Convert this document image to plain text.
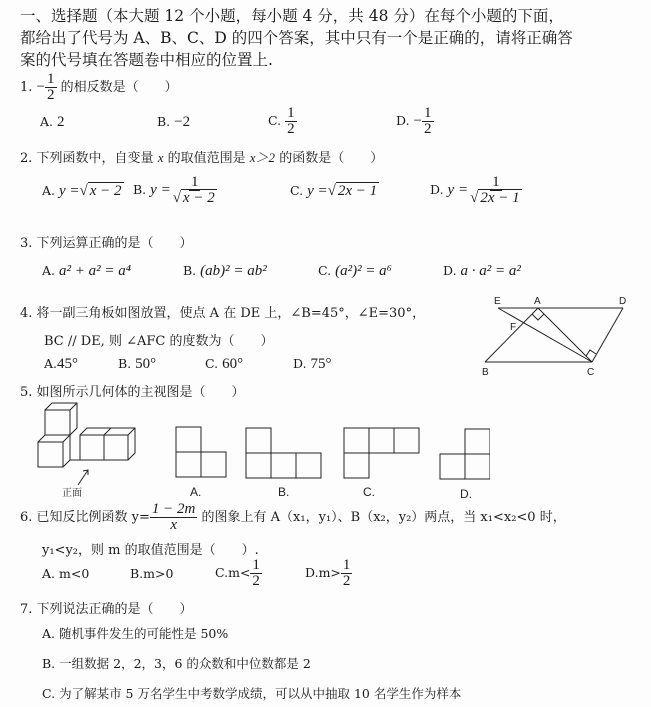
一、选择题（本大题 12 个小题，每小题 4 分，共 48 分）在每个小题的下面，
都给出了代号为 A、B、C、D 的四个答案，其中只有一个是正确的，请将正确答
案的代号填在答题卷中相应的位置上.
1. − $\frac{1}{2}$ 的相反数是（　　）
A. 2	B. −2	C. $\frac{1}{2}$	D. − $\frac{1}{2}$
2. 下列函数中，自变量 x 的取值范围是 x＞2 的函数是（　　）
A. y =√ x − 2 B. $y = \frac{1}{√ x - 2}$	C. y =√ 2x − 1	D. $y = \frac{1}{√ 2x - 1}$
3. 下列运算正确的是（　　）
A. a² + a² = a⁴	B. (ab)² = ab²	C. (a²)² = a⁶	D. a · a² = a²
4. 将一副三角板如图放置，使点 A 在 DE 上，∠B=45°，∠E=30°，
BC // DE, 则 ∠AFC 的度数为（　　）
A.45°	B. 50°	C. 60°	D. 75°
E	A	D
F
B	C
5. 如图所示几何体的主视图是（　　）
正面	A.	B.	C.	D.
6. 已知反比例函数 $y= \frac{1 - 2m}{x}$ 的图象上有 A（x₁，y₁）、B（x₂，y₂）两点，当 x₁<x₂<0 时，
y₁<y₂，则 m 的取值范围是（　　）.
A. m<0	B.m>0	$C.m< \frac{1}{2}$	$D.m> \frac{1}{2}$
7. 下列说法正确的是（　　）
A. 随机事件发生的可能性是 50%
B. 一组数据 2，2，3，6 的众数和中位数都是 2
C. 为了解某市 5 万名学生中考数学成绩，可以从中抽取 10 名学生作为样本
